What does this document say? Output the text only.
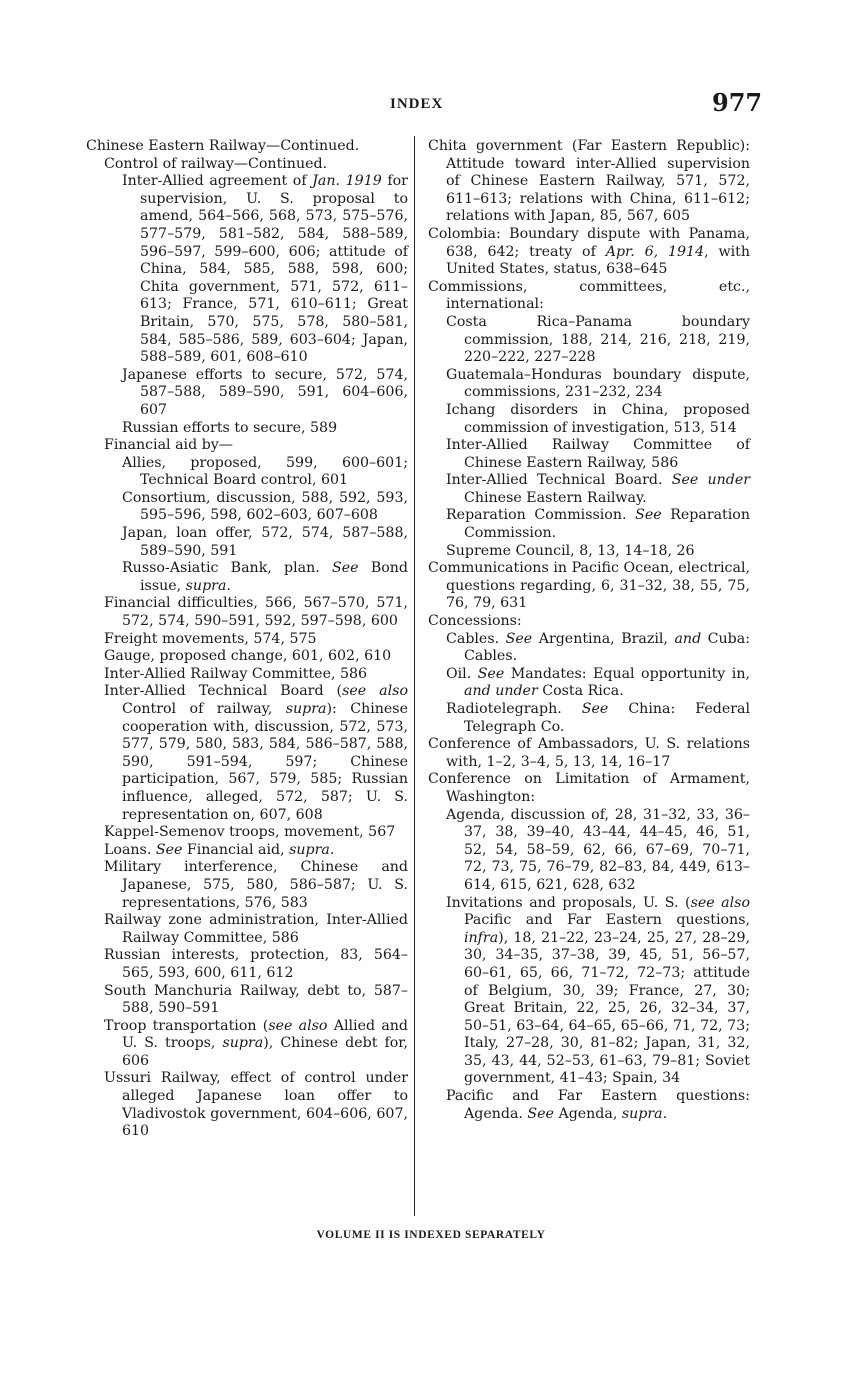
INDEX	977

Chinese Eastern Railway—Continued.

Control of railway—Continued.

Inter-Allied agreement of Jan. 1919 for supervision, U. S. proposal to amend, 564–566, 568, 573, 575–576, 577–579, 581–582, 584, 588–589, 596–597, 599–600, 606; attitude of China, 584, 585, 588, 598, 600; Chita government, 571, 572, 611–613; France, 571, 610–611; Great Britain, 570, 575, 578, 580–581, 584, 585–586, 589, 603–604; Japan, 588–589, 601, 608–610

Japanese efforts to secure, 572, 574, 587–588, 589–590, 591, 604–606, 607

Russian efforts to secure, 589

Financial aid by—

Allies, proposed, 599, 600–601; Technical Board control, 601

Consortium, discussion, 588, 592, 593, 595–596, 598, 602–603, 607–608

Japan, loan offer, 572, 574, 587–588, 589–590, 591

Russo-Asiatic Bank, plan. See Bond issue, supra.

Financial difficulties, 566, 567–570, 571, 572, 574, 590–591, 592, 597–598, 600

Freight movements, 574, 575

Gauge, proposed change, 601, 602, 610

Inter-Allied Railway Committee, 586

Inter-Allied Technical Board (see also Control of railway, supra): Chinese cooperation with, discussion, 572, 573, 577, 579, 580, 583, 584, 586–587, 588, 590, 591–594, 597; Chinese participation, 567, 579, 585; Russian influence, alleged, 572, 587; U. S. representation on, 607, 608

Kappel-Semenov troops, movement, 567

Loans. See Financial aid, supra.

Military interference, Chinese and Japanese, 575, 580, 586–587; U. S. representations, 576, 583

Railway zone administration, Inter-Allied Railway Committee, 586

Russian interests, protection, 83, 564–565, 593, 600, 611, 612

South Manchuria Railway, debt to, 587–588, 590–591

Troop transportation (see also Allied and U. S. troops, supra), Chinese debt for, 606

Ussuri Railway, effect of control under alleged Japanese loan offer to Vladivostok government, 604–606, 607, 610

Chita government (Far Eastern Republic): Attitude toward inter-Allied supervision of Chinese Eastern Railway, 571, 572, 611–613; relations with China, 611–612; relations with Japan, 85, 567, 605

Colombia: Boundary dispute with Panama, 638, 642; treaty of Apr. 6, 1914, with United States, status, 638–645

Commissions, committees, etc., international:

Costa Rica–Panama boundary commission, 188, 214, 216, 218, 219, 220–222, 227–228

Guatemala–Honduras boundary dispute, commissions, 231–232, 234

Ichang disorders in China, proposed commission of investigation, 513, 514

Inter-Allied Railway Committee of Chinese Eastern Railway, 586

Inter-Allied Technical Board. See under Chinese Eastern Railway.

Reparation Commission. See Reparation Commission.

Supreme Council, 8, 13, 14–18, 26

Communications in Pacific Ocean, electrical, questions regarding, 6, 31–32, 38, 55, 75, 76, 79, 631

Concessions:

Cables. See Argentina, Brazil, and Cuba: Cables.

Oil. See Mandates: Equal opportunity in, and under Costa Rica.

Radiotelegraph. See China: Federal Telegraph Co.

Conference of Ambassadors, U. S. relations with, 1–2, 3–4, 5, 13, 14, 16–17

Conference on Limitation of Armament, Washington:

Agenda, discussion of, 28, 31–32, 33, 36–37, 38, 39–40, 43–44, 44–45, 46, 51, 52, 54, 58–59, 62, 66, 67–69, 70–71, 72, 73, 75, 76–79, 82–83, 84, 449, 613–614, 615, 621, 628, 632

Invitations and proposals, U. S. (see also Pacific and Far Eastern questions, infra), 18, 21–22, 23–24, 25, 27, 28–29, 30, 34–35, 37–38, 39, 45, 51, 56–57, 60–61, 65, 66, 71–72, 72–73; attitude of Belgium, 30, 39; France, 27, 30; Great Britain, 22, 25, 26, 32–34, 37, 50–51, 63–64, 64–65, 65–66, 71, 72, 73; Italy, 27–28, 30, 81–82; Japan, 31, 32, 35, 43, 44, 52–53, 61–63, 79–81; Soviet government, 41–43; Spain, 34

Pacific and Far Eastern questions: Agenda. See Agenda, supra.

VOLUME II IS INDEXED SEPARATELY
